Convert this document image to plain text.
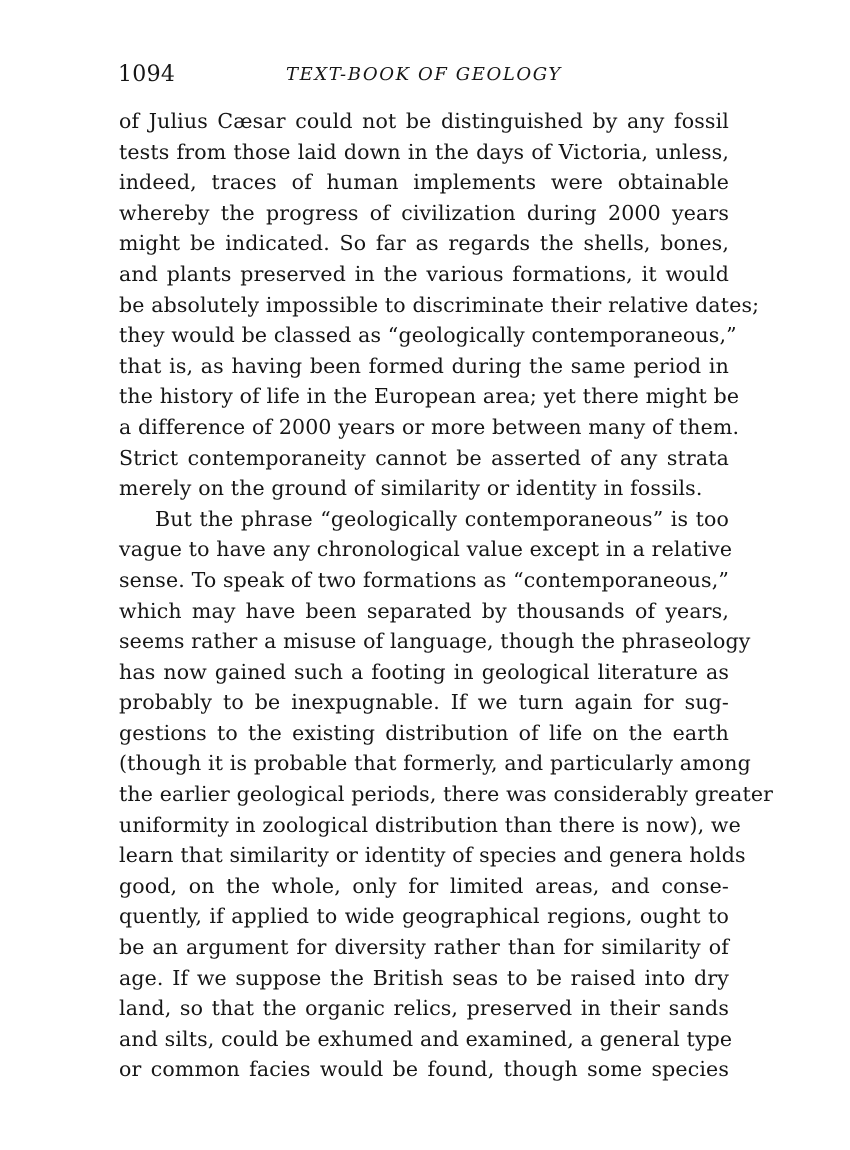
1094	TEXT-BOOK OF GEOLOGY
of Julius Cæsar could not be distinguished by any fossil
tests from those laid down in the days of Victoria, unless,
indeed, traces of human implements were obtainable
whereby the progress of civilization during 2000 years
might be indicated. So far as regards the shells, bones,
and plants preserved in the various formations, it would
be absolutely impossible to discriminate their relative dates;
they would be classed as “geologically contemporaneous,”
that is, as having been formed during the same period in
the history of life in the European area; yet there might be
a difference of 2000 years or more between many of them.
Strict contemporaneity cannot be asserted of any strata
merely on the ground of similarity or identity in fossils.
But the phrase “geologically contemporaneous” is too
vague to have any chronological value except in a relative
sense. To speak of two formations as “contemporaneous,”
which may have been separated by thousands of years,
seems rather a misuse of language, though the phraseology
has now gained such a footing in geological literature as
probably to be inexpugnable. If we turn again for sug-
gestions to the existing distribution of life on the earth
(though it is probable that formerly, and particularly among
the earlier geological periods, there was considerably greater
uniformity in zoological distribution than there is now), we
learn that similarity or identity of species and genera holds
good, on the whole, only for limited areas, and conse-
quently, if applied to wide geographical regions, ought to
be an argument for diversity rather than for similarity of
age. If we suppose the British seas to be raised into dry
land, so that the organic relics, preserved in their sands
and silts, could be exhumed and examined, a general type
or common facies would be found, though some species
